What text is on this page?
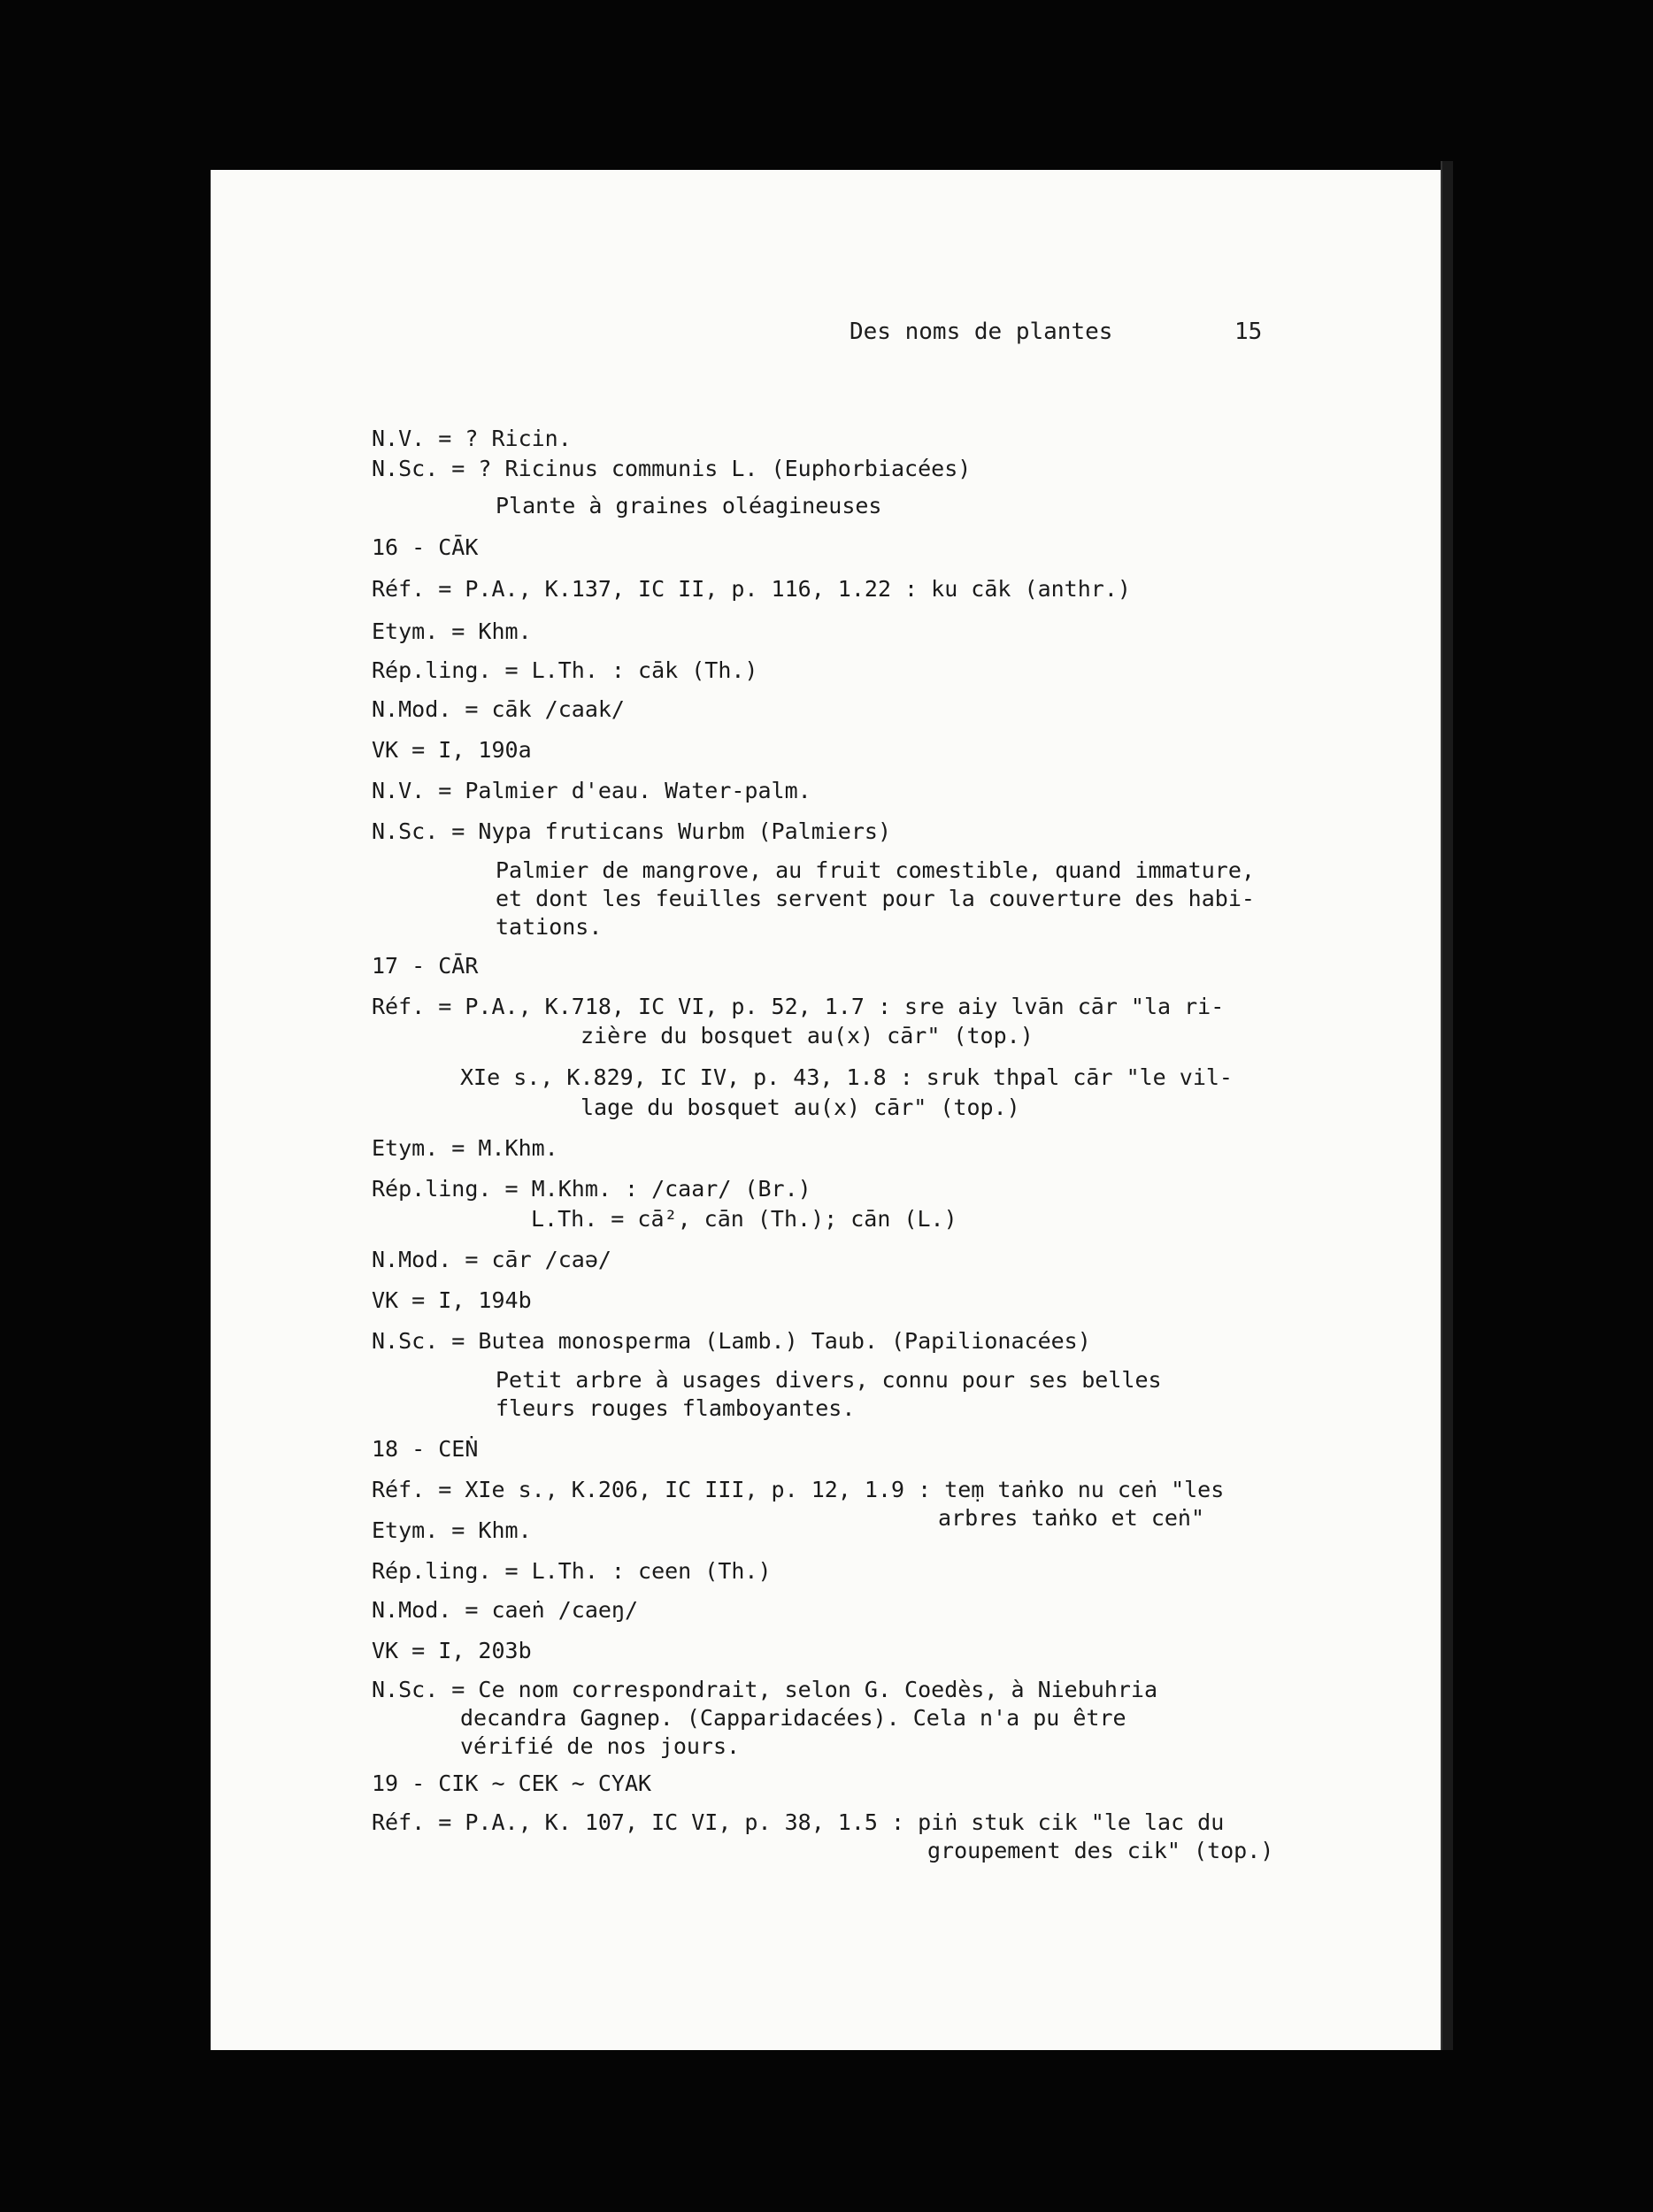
Des noms de plantes	15
N.V. = ? Ricin.
N.Sc. = ? Ricinus communis L. (Euphorbiacées)
Plante à graines oléagineuses
16 - CĀK
Réf. = P.A., K.137, IC II, p. 116, 1.22 : ku cāk (anthr.)
Etym. = Khm.
Rép.ling. = L.Th. : cāk (Th.)
N.Mod. = cāk /caak/
VK = I, 190a
N.V. = Palmier d'eau. Water-palm.
N.Sc. = Nypa fruticans Wurbm (Palmiers)
Palmier de mangrove, au fruit comestible, quand immature,
et dont les feuilles servent pour la couverture des habi-
tations.
17 - CĀR
Réf. = P.A., K.718, IC VI, p. 52, 1.7 : sre aiy lvān cār "la ri-
zière du bosquet au(x) cār" (top.)
XIe s., K.829, IC IV, p. 43, 1.8 : sruk thpal cār "le vil-
lage du bosquet au(x) cār" (top.)
Etym. = M.Khm.
Rép.ling. = M.Khm. : /caar/ (Br.)
L.Th. = cā², cān (Th.); cān (L.)
N.Mod. = cār /caə/
VK = I, 194b
N.Sc. = Butea monosperma (Lamb.) Taub. (Papilionacées)
Petit arbre à usages divers, connu pour ses belles
fleurs rouges flamboyantes.
18 - CEṄ
Réf. = XIe s., K.206, IC III, p. 12, 1.9 : teṃ taṅko nu ceṅ "les
arbres taṅko et ceṅ"
Etym. = Khm.
Rép.ling. = L.Th. : ceen (Th.)
N.Mod. = caeṅ /caeŋ/
VK = I, 203b
N.Sc. = Ce nom correspondrait, selon G. Coedès, à Niebuhria
decandra Gagnep. (Capparidacées). Cela n'a pu être
vérifié de nos jours.
19 - CIK ∼ CEK ∼ CYAK
Réf. = P.A., K. 107, IC VI, p. 38, 1.5 : piṅ stuk cik "le lac du
groupement des cik" (top.)
